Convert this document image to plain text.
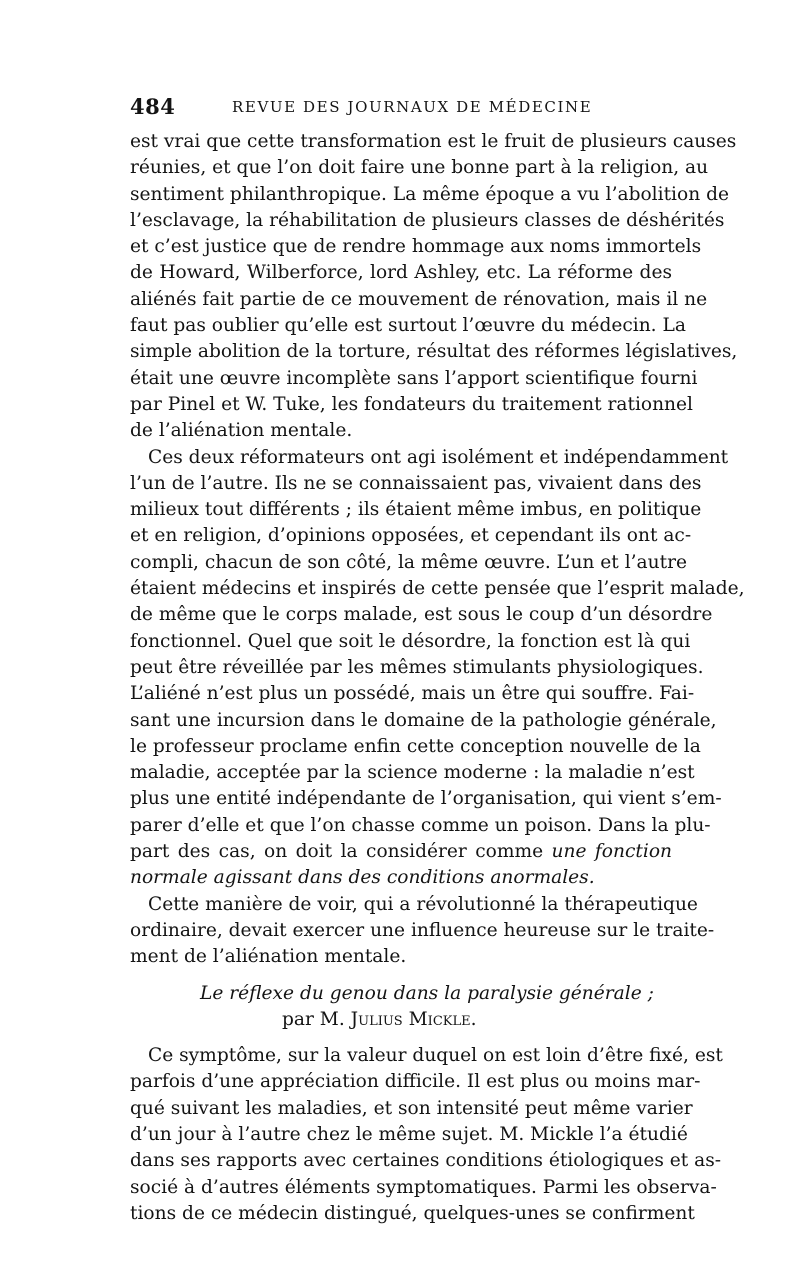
484	REVUE DES JOURNAUX DE MÉDECINE
est vrai que cette transformation est le fruit de plusieurs causes
réunies, et que l’on doit faire une bonne part à la religion, au
sentiment philanthropique. La même époque a vu l’abolition de
l’esclavage, la réhabilitation de plusieurs classes de déshérités
et c’est justice que de rendre hommage aux noms immortels
de Howard, Wilberforce, lord Ashley, etc. La réforme des
aliénés fait partie de ce mouvement de rénovation, mais il ne
faut pas oublier qu’elle est surtout l’œuvre du médecin. La
simple abolition de la torture, résultat des réformes législatives,
était une œuvre incomplète sans l’apport scientifique fourni
par Pinel et W. Tuke, les fondateurs du traitement rationnel
de l’aliénation mentale.
Ces deux réformateurs ont agi isolément et indépendamment
l’un de l’autre. Ils ne se connaissaient pas, vivaient dans des
milieux tout différents ; ils étaient même imbus, en politique
et en religion, d’opinions opposées, et cependant ils ont ac-
compli, chacun de son côté, la même œuvre. L’un et l’autre
étaient médecins et inspirés de cette pensée que l’esprit malade,
de même que le corps malade, est sous le coup d’un désordre
fonctionnel. Quel que soit le désordre, la fonction est là qui
peut être réveillée par les mêmes stimulants physiologiques.
L’aliéné n’est plus un possédé, mais un être qui souffre. Fai-
sant une incursion dans le domaine de la pathologie générale,
le professeur proclame enfin cette conception nouvelle de la
maladie, acceptée par la science moderne : la maladie n’est
plus une entité indépendante de l’organisation, qui vient s’em-
parer d’elle et que l’on chasse comme un poison. Dans la plu-
part des cas, on doit la considérer comme une fonction
normale agissant dans des conditions anormales.
Cette manière de voir, qui a révolutionné la thérapeutique
ordinaire, devait exercer une influence heureuse sur le traite-
ment de l’aliénation mentale.
Le réflexe du genou dans la paralysie générale ;
par M. Julius Mickle.
Ce symptôme, sur la valeur duquel on est loin d’être fixé, est
parfois d’une appréciation difficile. Il est plus ou moins mar-
qué suivant les maladies, et son intensité peut même varier
d’un jour à l’autre chez le même sujet. M. Mickle l’a étudié
dans ses rapports avec certaines conditions étiologiques et as-
socié à d’autres éléments symptomatiques. Parmi les observa-
tions de ce médecin distingué, quelques-unes se confirment
